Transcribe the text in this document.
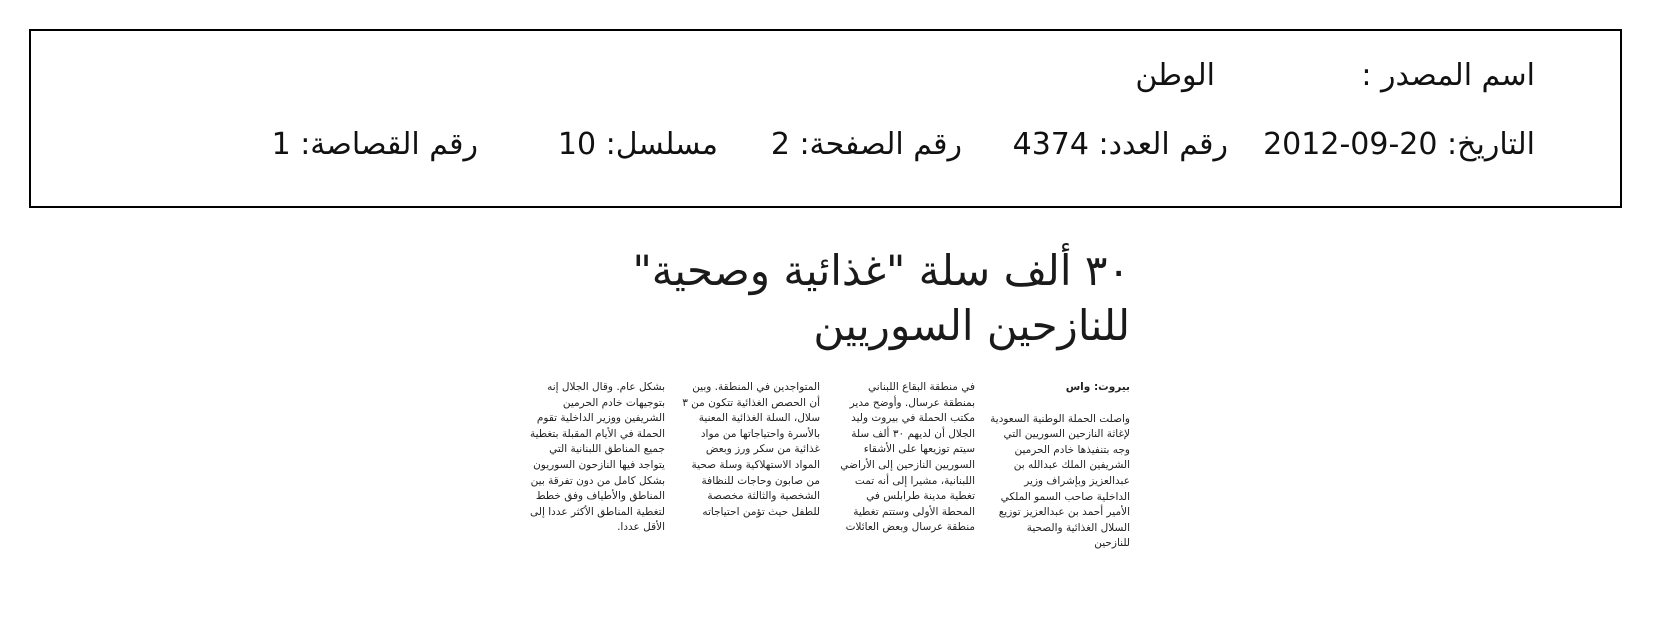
اسم المصدر :
الوطن
التاريخ: 20-09-2012
رقم العدد: 4374
رقم الصفحة: 2
مسلسل: 10
رقم القصاصة: 1
٣٠ ألف سلة "غذائية وصحية"
للنازحين السوريين
بيروت: واس
واصلت الحملة الوطنية السعودية لإغاثة النازحين السوريين التي وجه بتنفيذها خادم الحرمين الشريفين الملك عبدالله بن عبدالعزيز وبإشراف وزير الداخلية صاحب السمو الملكي الأمير أحمد بن عبدالعزيز توزيع السلال الغذائية والصحية للنازحين
في منطقة البقاع اللبناني بمنطقة عرسال. وأوضح مدير مكتب الحملة في بيروت وليد الجلال أن لديهم ٣٠ ألف سلة سيتم توزيعها على الأشقاء السوريين النازحين إلى الأراضي اللبنانية، مشيرا إلى أنه تمت تغطية مدينة طرابلس في المحطة الأولى وستتم تغطية منطقة عرسال وبعض العائلات
المتواجدين في المنطقة. وبين أن الحصص الغذائية تتكون من ٣ سلال، السلة الغذائية المعنية بالأسرة واحتياجاتها من مواد غذائية من سكر ورز وبعض المواد الاستهلاكية وسلة صحية من صابون وحاجات للنظافة الشخصية والثالثة مخصصة للطفل حيث تؤمن احتياجاته
بشكل عام. وقال الجلال إنه بتوجيهات خادم الحرمين الشريفين ووزير الداخلية تقوم الحملة في الأيام المقبلة بتغطية جميع المناطق اللبنانية التي يتواجد فيها النازحون السوريون بشكل كامل من دون تفرقة بين المناطق والأطياف وفق خطط لتغطية المناطق الأكثر عددا إلى الأقل عددا.
